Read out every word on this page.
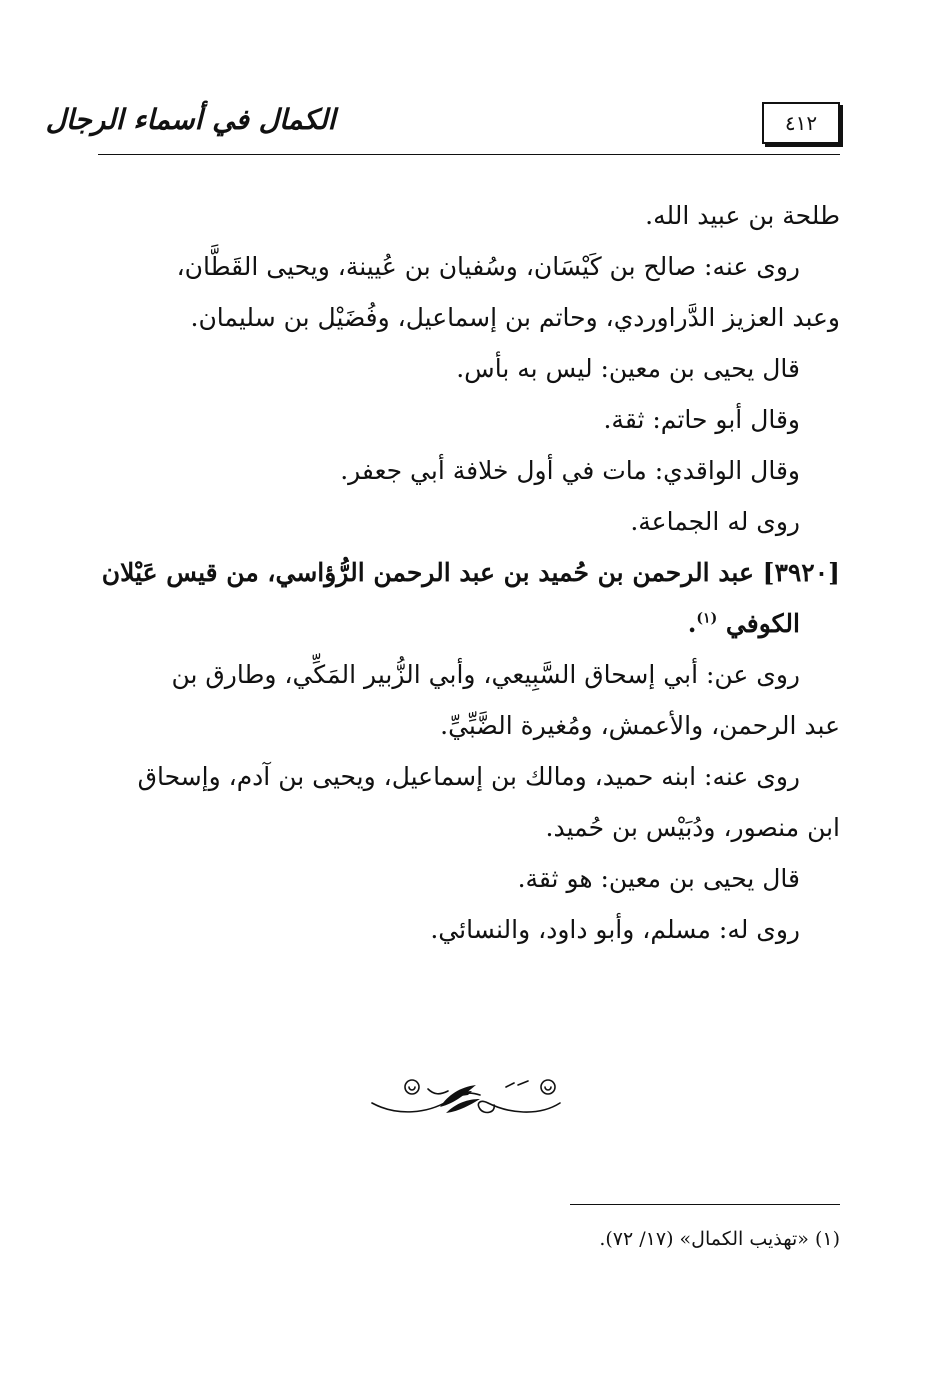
الكمال في أسماء الرجال	٤١٢
طلحة بن عبيد الله.
روى عنه: صالح بن كَيْسَان، وسُفيان بن عُيينة، ويحيى القَطَّان،
وعبد العزيز الدَّراوردي، وحاتم بن إسماعيل، وفُضَيْل بن سليمان.
قال يحيى بن معين: ليس به بأس.
وقال أبو حاتم: ثقة.
وقال الواقدي: مات في أول خلافة أبي جعفر.
روى له الجماعة.
[٣٩٢٠] عبد الرحمن بن حُميد بن عبد الرحمن الرُّؤاسي، من قيس عَيْلان
الكوفي $^{(١)}$.
روى عن: أبي إسحاق السَّبِيعي، وأبي الزُّبير المَكِّي، وطارق بن
عبد الرحمن، والأعمش، ومُغيرة الضَّبِّيِّ.
روى عنه: ابنه حميد، ومالك بن إسماعيل، ويحيى بن آدم، وإسحاق
ابن منصور، ودُبَيْس بن حُميد.
قال يحيى بن معين: هو ثقة.
روى له: مسلم، وأبو داود، والنسائي.
(١) «تهذيب الكمال» (١٧/ ٧٢).
